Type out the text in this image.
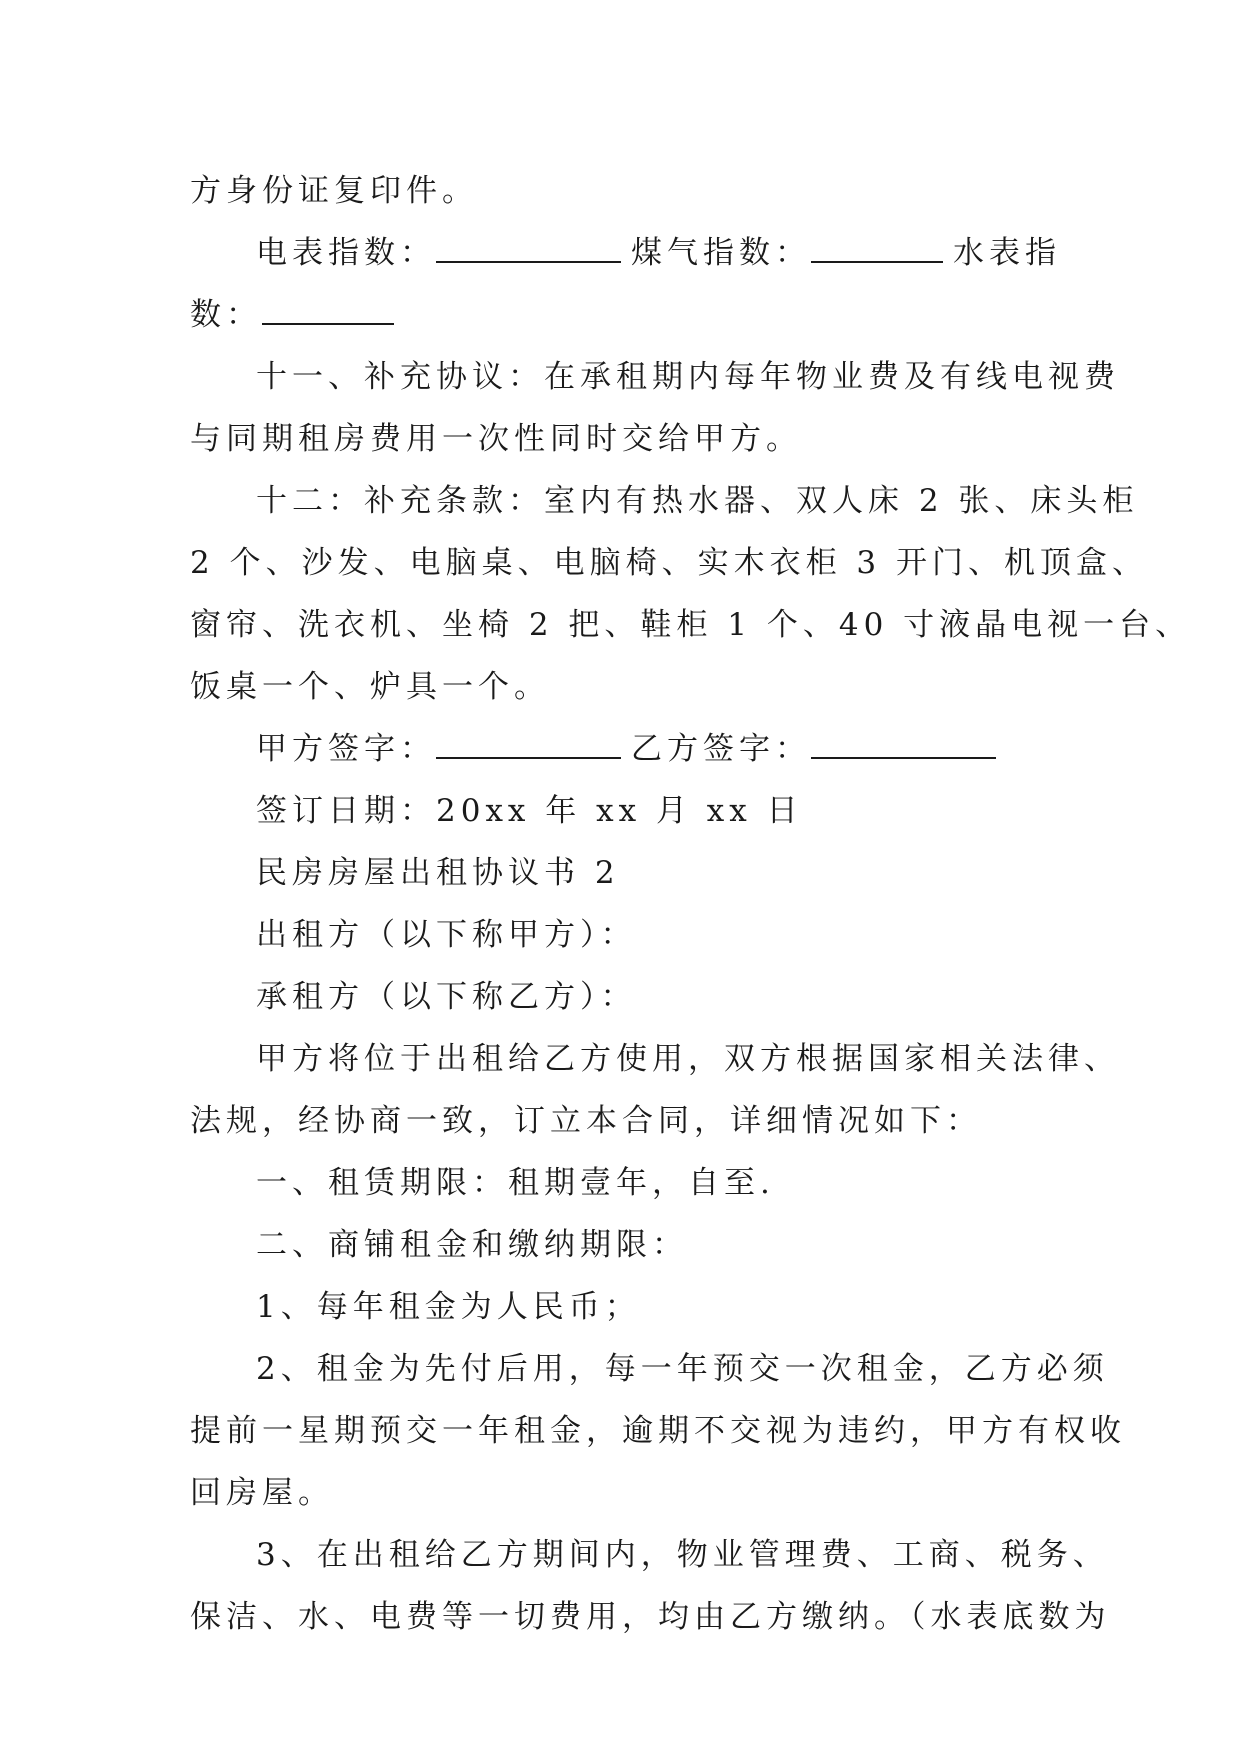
方身份证复印件。
电表指数：	煤气指数：	水表指
数：
十一、补充协议：在承租期内每年物业费及有线电视费
与同期租房费用一次性同时交给甲方。
十二：补充条款：室内有热水器、双人床 2 张、床头柜
2 个、沙发、电脑桌、电脑椅、实木衣柜 3 开门、机顶盒、
窗帘、洗衣机、坐椅 2 把、鞋柜 1 个、40 寸液晶电视一台、
饭桌一个、炉具一个。
甲方签字：	乙方签字：
签订日期：20xx 年 xx 月 xx 日
民房房屋出租协议书 2
出租方（以下称甲方）：
承租方（以下称乙方）：
甲方将位于出租给乙方使用，双方根据国家相关法律、
法规，经协商一致，订立本合同，详细情况如下：
一、租赁期限：租期壹年，自至.
二、商铺租金和缴纳期限：
1、每年租金为人民币；
2、租金为先付后用，每一年预交一次租金，乙方必须
提前一星期预交一年租金，逾期不交视为违约，甲方有权收
回房屋。
3、在出租给乙方期间内，物业管理费、工商、税务、
保洁、水、电费等一切费用，均由乙方缴纳。（水表底数为
